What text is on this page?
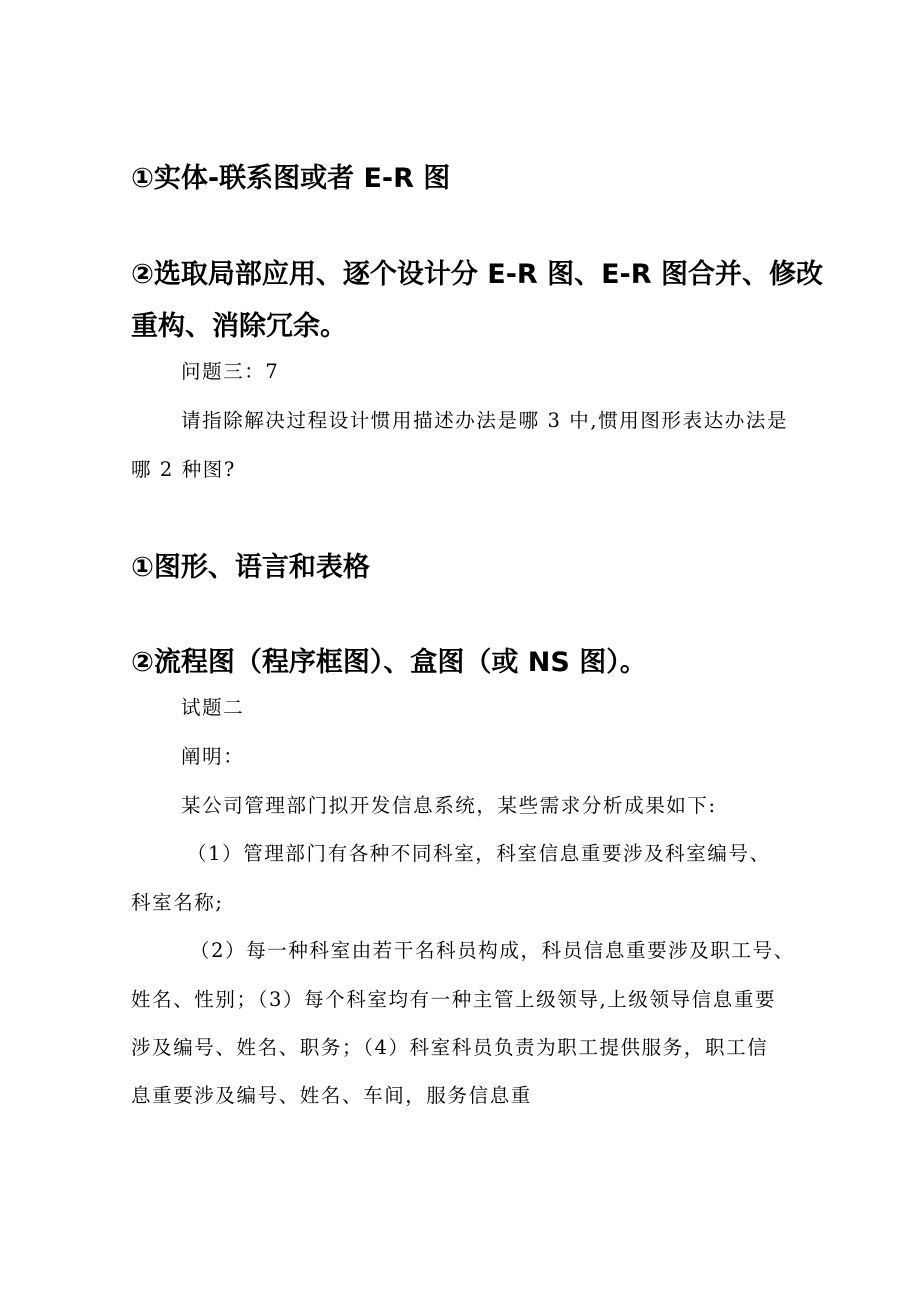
①实体-联系图或者 E-R 图

②选取局部应用、逐个设计分 E-R 图、E-R 图合并、修改

重构、消除冗余。

问题三：7

请指除解决过程设计惯用描述办法是哪 3 中,惯用图形表达办法是

哪 2 种图?

①图形、语言和表格

②流程图（程序框图）、盒图（或 NS 图）。

试题二

阐明：

某公司管理部门拟开发信息系统，某些需求分析成果如下:

（1）管理部门有各种不同科室，科室信息重要涉及科室编号、

科室名称;

（2）每一种科室由若干名科员构成，科员信息重要涉及职工号、

姓名、性别；（3）每个科室均有一种主管上级领导,上级领导信息重要

涉及编号、姓名、职务；（4）科室科员负责为职工提供服务，职工信

息重要涉及编号、姓名、车间，服务信息重
